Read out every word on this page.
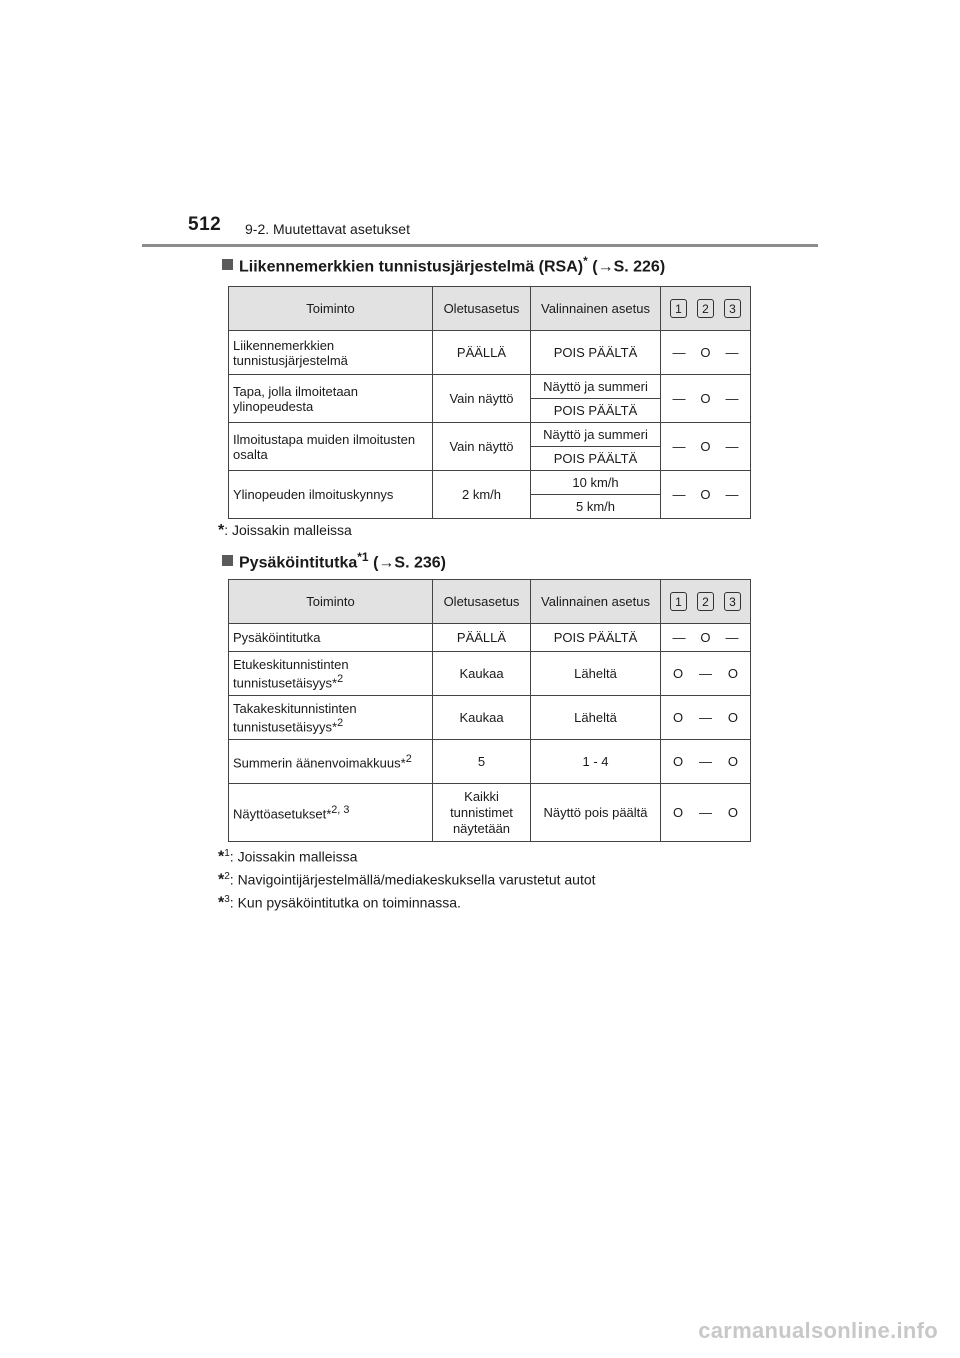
512 9-2. Muutettavat asetukset
Liikennemerkkien tunnistusjärjestelmä (RSA)* (→S. 226)
Toiminto	Oletusasetus	Valinnainen asetus	1 2 3

Liikennemerkkien tunnistusjärjestelmä	PÄÄLLÄ	POIS PÄÄLTÄ	— O —

Tapa, jolla ilmoitetaan ylinopeudesta	Vain näyttö	Näyttö ja summeri	— O —

		POIS PÄÄLTÄ	
Ilmoitustapa muiden ilmoitusten osalta	Vain näyttö	Näyttö ja summeri	— O —

		POIS PÄÄLTÄ	
Ylinopeuden ilmoituskynnys	2 km/h	10 km/h	— O —

		5 km/h	
*: Joissakin malleissa
Pysäköintitutka$^{*1}$ (→S. 236)
Toiminto	Oletusasetus	Valinnainen asetus	1 2 3

Pysäköintitutka	PÄÄLLÄ	POIS PÄÄLTÄ	— O —

Etukeskitunnistinten tunnistusetäisyys*$^2$	Kaukaa	Läheltä	O — O

Takakeskitunnistinten tunnistusetäisyys*$^2$	Kaukaa	Läheltä	O — O

Summerin äänenvoimakkuus*$^2$	5	1 - 4	O — O

Näyttöasetukset*$^{2, 3}$	Kaikki tunnistimet näytetään	Näyttö pois päältä	O — O
*$^1$: Joissakin malleissa
*$^2$: Navigointijärjestelmällä/mediakeskuksella varustetut autot
*$^3$: Kun pysäköintitutka on toiminnassa.
carmanualsonline.info
